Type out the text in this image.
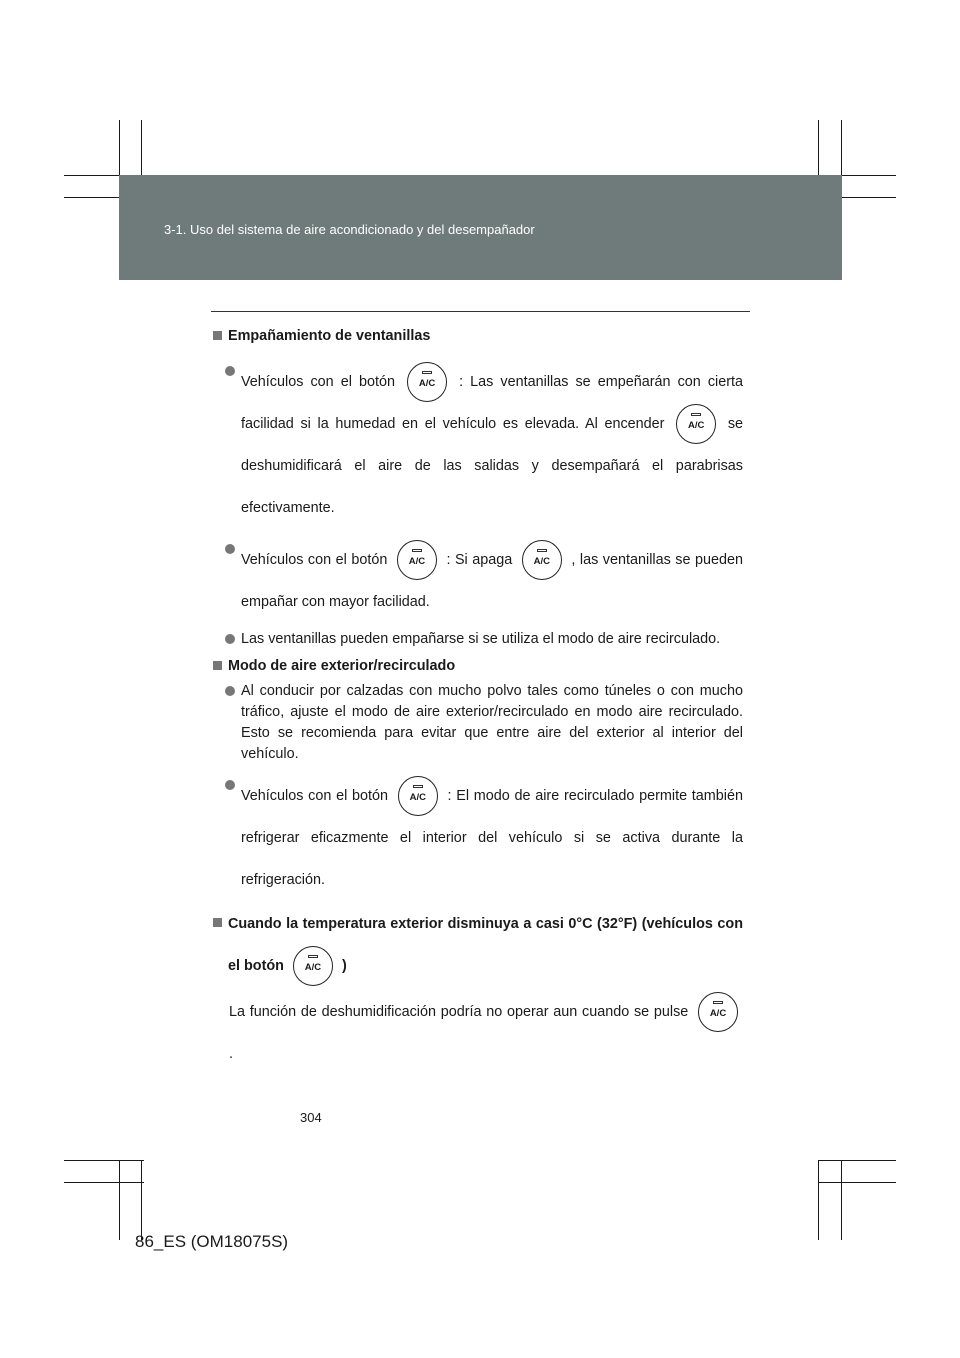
3-1. Uso del sistema de aire acondicionado y del desempañador
Empañamiento de ventanillas
Vehículos con el botón	A/C	: Las ventanillas se empeñarán con cierta facilidad si la humedad en el vehículo es elevada. Al encender	A/C	se deshumidificará el aire de las salidas y desempañará el parabrisas efectivamente.
Vehículos con el botón	A/C	: Si apaga	A/C	, las ventanillas se pueden empañar con mayor facilidad.
Las ventanillas pueden empañarse si se utiliza el modo de aire recirculado.
Modo de aire exterior/recirculado
Al conducir por calzadas con mucho polvo tales como túneles o con mucho tráfico, ajuste el modo de aire exterior/recirculado en modo aire recirculado. Esto se recomienda para evitar que entre aire del exterior al interior del vehículo.
Vehículos con el botón	A/C	: El modo de aire recirculado permite también refrigerar eficazmente el interior del vehículo si se activa durante la refrigeración.
Cuando la temperatura exterior disminuya a casi 0°C (32°F) (vehículos con el botón	A/C	)
La función de deshumidificación podría no operar aun cuando se pulse	A/C
.
304
86_ES (OM18075S)
